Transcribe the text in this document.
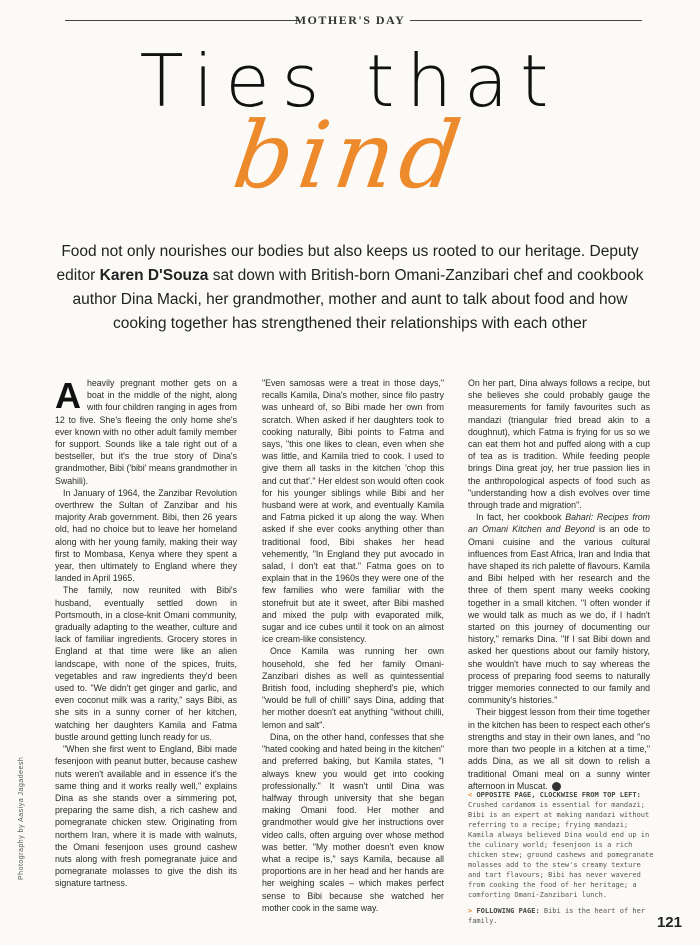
MOTHER'S DAY
Ties that
bind
Food not only nourishes our bodies but also keeps us rooted to our heritage. Deputy editor Karen D'Souza sat down with British-born Omani-Zanzibari chef and cookbook author Dina Macki, her grandmother, mother and aunt to talk about food and how cooking together has strengthened their relationships with each other

Aheavily pregnant mother gets on a boat in the middle of the night, along with four children ranging in ages from 12 to five. She's fleeing the only home she's ever known with no other adult family member for support. Sounds like a tale right out of a bestseller, but it's the true story of Dina's grandmother, Bibi ('bibi' means grandmother in Swahili).

In January of 1964, the Zanzibar Revolution overthrew the Sultan of Zanzibar and his majority Arab government. Bibi, then 26 years old, had no choice but to leave her homeland along with her young family, making their way first to Mombasa, Kenya where they spent a year, then ultimately to England where they landed in April 1965.

The family, now reunited with Bibi's husband, eventually settled down in Portsmouth, in a close-knit Omani community, gradually adapting to the weather, culture and lack of familiar ingredients. Grocery stores in England at that time were like an alien landscape, with none of the spices, fruits, vegetables and raw ingredients they'd been used to. "We didn't get ginger and garlic, and even coconut milk was a rarity," says Bibi, as she sits in a sunny corner of her kitchen, watching her daughters Kamila and Fatma bustle around getting lunch ready for us.

"When she first went to England, Bibi made fesenjoon with peanut butter, because cashew nuts weren't available and in essence it's the same thing and it works really well," explains Dina as she stands over a simmering pot, preparing the same dish, a rich cashew and pomegranate chicken stew. Originating from northern Iran, where it is made with walnuts, the Omani fesenjoon uses ground cashew nuts along with fresh pomegranate juice and pomegranate molasses to give the dish its signature tartness.

"Even samosas were a treat in those days," recalls Kamila, Dina's mother, since filo pastry was unheard of, so Bibi made her own from scratch. When asked if her daughters took to cooking naturally, Bibi points to Fatma and says, "this one likes to clean, even when she was little, and Kamila tried to cook. I used to give them all tasks in the kitchen 'chop this and cut that'." Her eldest son would often cook for his younger siblings while Bibi and her husband were at work, and eventually Kamila and Fatma picked it up along the way. When asked if she ever cooks anything other than traditional food, Bibi shakes her head vehemently, "In England they put avocado in salad, I don't eat that." Fatma goes on to explain that in the 1960s they were one of the few families who were familiar with the stonefruit but ate it sweet, after Bibi mashed and mixed the pulp with evaporated milk, sugar and ice cubes until it took on an almost ice cream-like consistency.

Once Kamila was running her own household, she fed her family Omani-Zanzibari dishes as well as quintessential British food, including shepherd's pie, which "would be full of chilli" says Dina, adding that her mother doesn't eat anything "without chilli, lemon and salt".

Dina, on the other hand, confesses that she "hated cooking and hated being in the kitchen" and preferred baking, but Kamila states, "I always knew you would get into cooking professionally." It wasn't until Dina was halfway through university that she began making Omani food. Her mother and grandmother would give her instructions over video calls, often arguing over whose method was better. "My mother doesn't even know what a recipe is," says Kamila, because all proportions are in her head and her hands are her weighing scales – which makes perfect sense to Bibi because she watched her mother cook in the same way.

On her part, Dina always follows a recipe, but she believes she could probably gauge the measurements for family favourites such as mandazi (triangular fried bread akin to a doughnut), which Fatma is frying for us so we can eat them hot and puffed along with a cup of tea as is tradition. While feeding people brings Dina great joy, her true passion lies in the anthropological aspects of food such as "understanding how a dish evolves over time through trade and migration".

In fact, her cookbook Bahari: Recipes from an Omani Kitchen and Beyond is an ode to Omani cuisine and the various cultural influences from East Africa, Iran and India that have shaped its rich palette of flavours. Kamila and Bibi helped with her research and the three of them spent many weeks cooking together in a small kitchen. "I often wonder if we would talk as much as we do, if I hadn't started on this journey of documenting our history," remarks Dina. "If I sat Bibi down and asked her questions about our family history, she wouldn't have much to say whereas the process of preparing food seems to naturally trigger memories connected to our family and community's histories."

Their biggest lesson from their time together in the kitchen has been to respect each other's strengths and stay in their own lanes, and "no more than two people in a kitchen at a time," adds Dina, as we all sit down to relish a traditional Omani meal on a sunny winter afternoon in Muscat.

< OPPOSITE PAGE, CLOCKWISE FROM TOP LEFT: Crushed cardamom is essential for mandazi; Bibi is an expert at making mandazi without referring to a recipe; frying mandazi; Kamila always believed Dina would end up in the culinary world; fesenjoon is a rich chicken stew; ground cashews and pomegranate molasses add to the stew's creamy texture and tart flavours; Bibi has never wavered from cooking the food of her heritage; a comforting Omani-Zanzibari lunch.

> FOLLOWING PAGE: Bibi is the heart of her family.

Photography by Aasiya Jagadeesh
121
